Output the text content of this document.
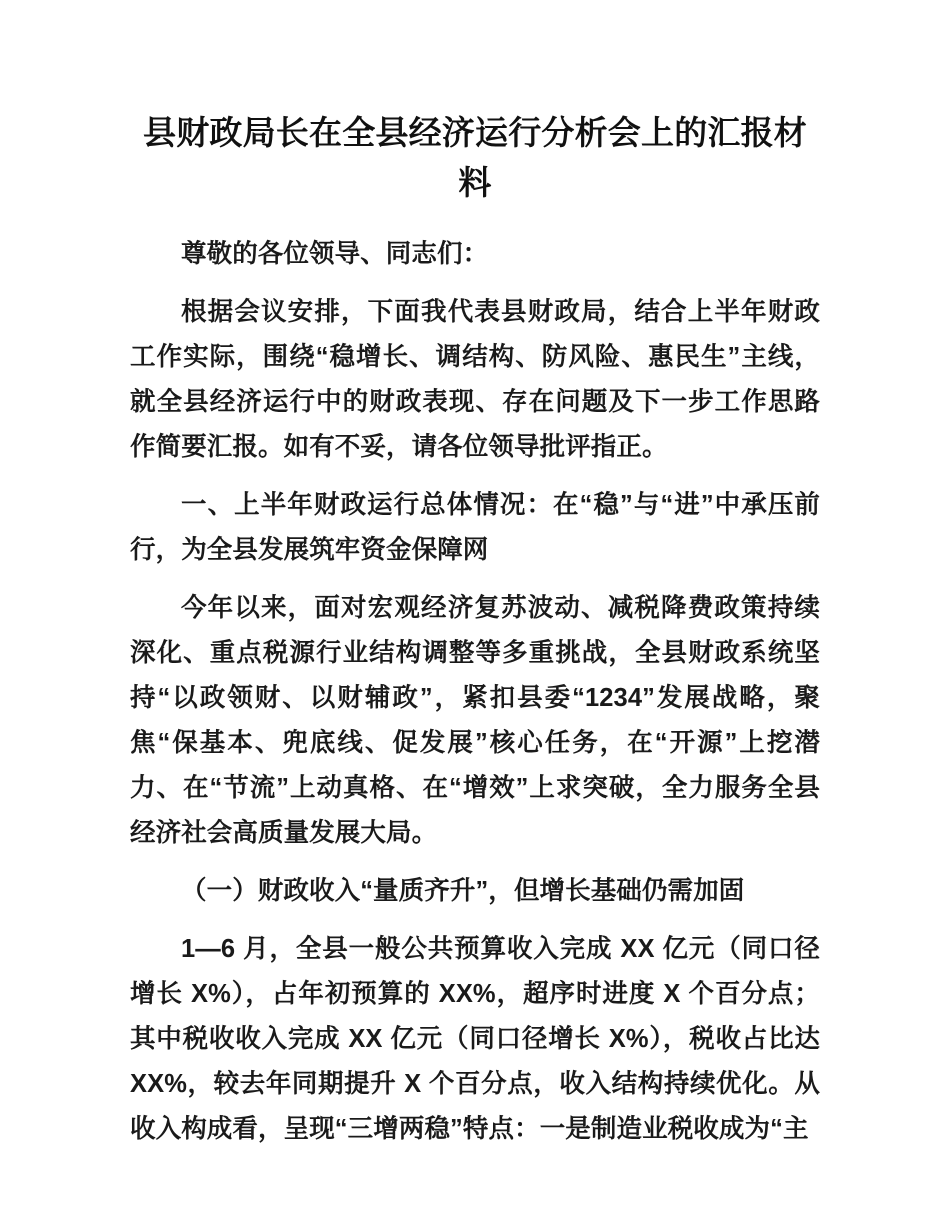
县财政局长在全县经济运行分析会上的汇报材料

尊敬的各位领导、同志们：

根据会议安排，下面我代表县财政局，结合上半年财政工作实际，围绕“稳增长、调结构、防风险、惠民生”主线，就全县经济运行中的财政表现、存在问题及下一步工作思路作简要汇报。如有不妥，请各位领导批评指正。

一、上半年财政运行总体情况：在“稳”与“进”中承压前行，为全县发展筑牢资金保障网

今年以来，面对宏观经济复苏波动、减税降费政策持续深化、重点税源行业结构调整等多重挑战，全县财政系统坚持“以政领财、以财辅政”，紧扣县委“1234”发展战略，聚焦“保基本、兜底线、促发展”核心任务，在“开源”上挖潜力、在“节流”上动真格、在“增效”上求突破，全力服务全县经济社会高质量发展大局。

（一）财政收入“量质齐升”，但增长基础仍需加固

1—6 月，全县一般公共预算收入完成 XX 亿元（同口径增长 X%），占年初预算的 XX%，超序时进度 X 个百分点；其中税收收入完成 XX 亿元（同口径增长 X%），税收占比达 XX%，较去年同期提升 X 个百分点，收入结构持续优化。从收入构成看，呈现“三增两稳”特点：一是制造业税收成为“主
